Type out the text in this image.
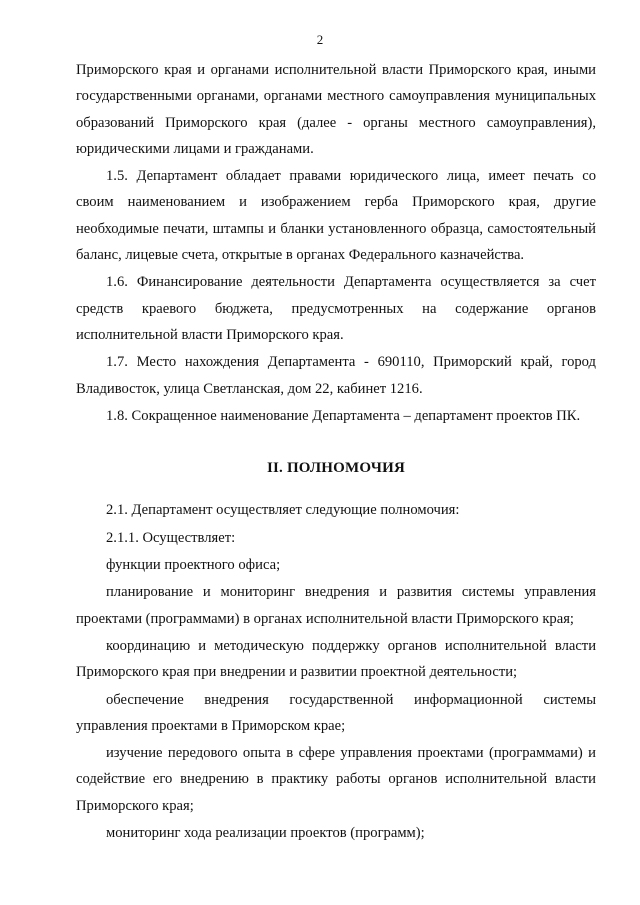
2

Приморского края и органами исполнительной власти Приморского края, иными государственными органами, органами местного самоуправления муниципальных образований Приморского края (далее - органы местного самоуправления), юридическими лицами и гражданами.

1.5. Департамент обладает правами юридического лица, имеет печать со своим наименованием и изображением герба Приморского края, другие необходимые печати, штампы и бланки установленного образца, самостоятельный баланс, лицевые счета, открытые в органах Федерального казначейства.

1.6. Финансирование деятельности Департамента осуществляется за счет средств краевого бюджета, предусмотренных на содержание органов исполнительной власти Приморского края.

1.7. Место нахождения Департамента - 690110, Приморский край, город Владивосток, улица Светланская, дом 22, кабинет 1216.

1.8. Сокращенное наименование Департамента – департамент проектов ПК.

II. ПОЛНОМОЧИЯ

2.1. Департамент осуществляет следующие полномочия:

2.1.1. Осуществляет:

функции проектного офиса;

планирование и мониторинг внедрения и развития системы управления проектами (программами) в органах исполнительной власти Приморского края;

координацию и методическую поддержку органов исполнительной власти Приморского края при внедрении и развитии проектной деятельности;

обеспечение внедрения государственной информационной системы управления проектами в Приморском крае;

изучение передового опыта в сфере управления проектами (программами) и содействие его внедрению в практику работы органов исполнительной власти Приморского края;

мониторинг хода реализации проектов (программ);
